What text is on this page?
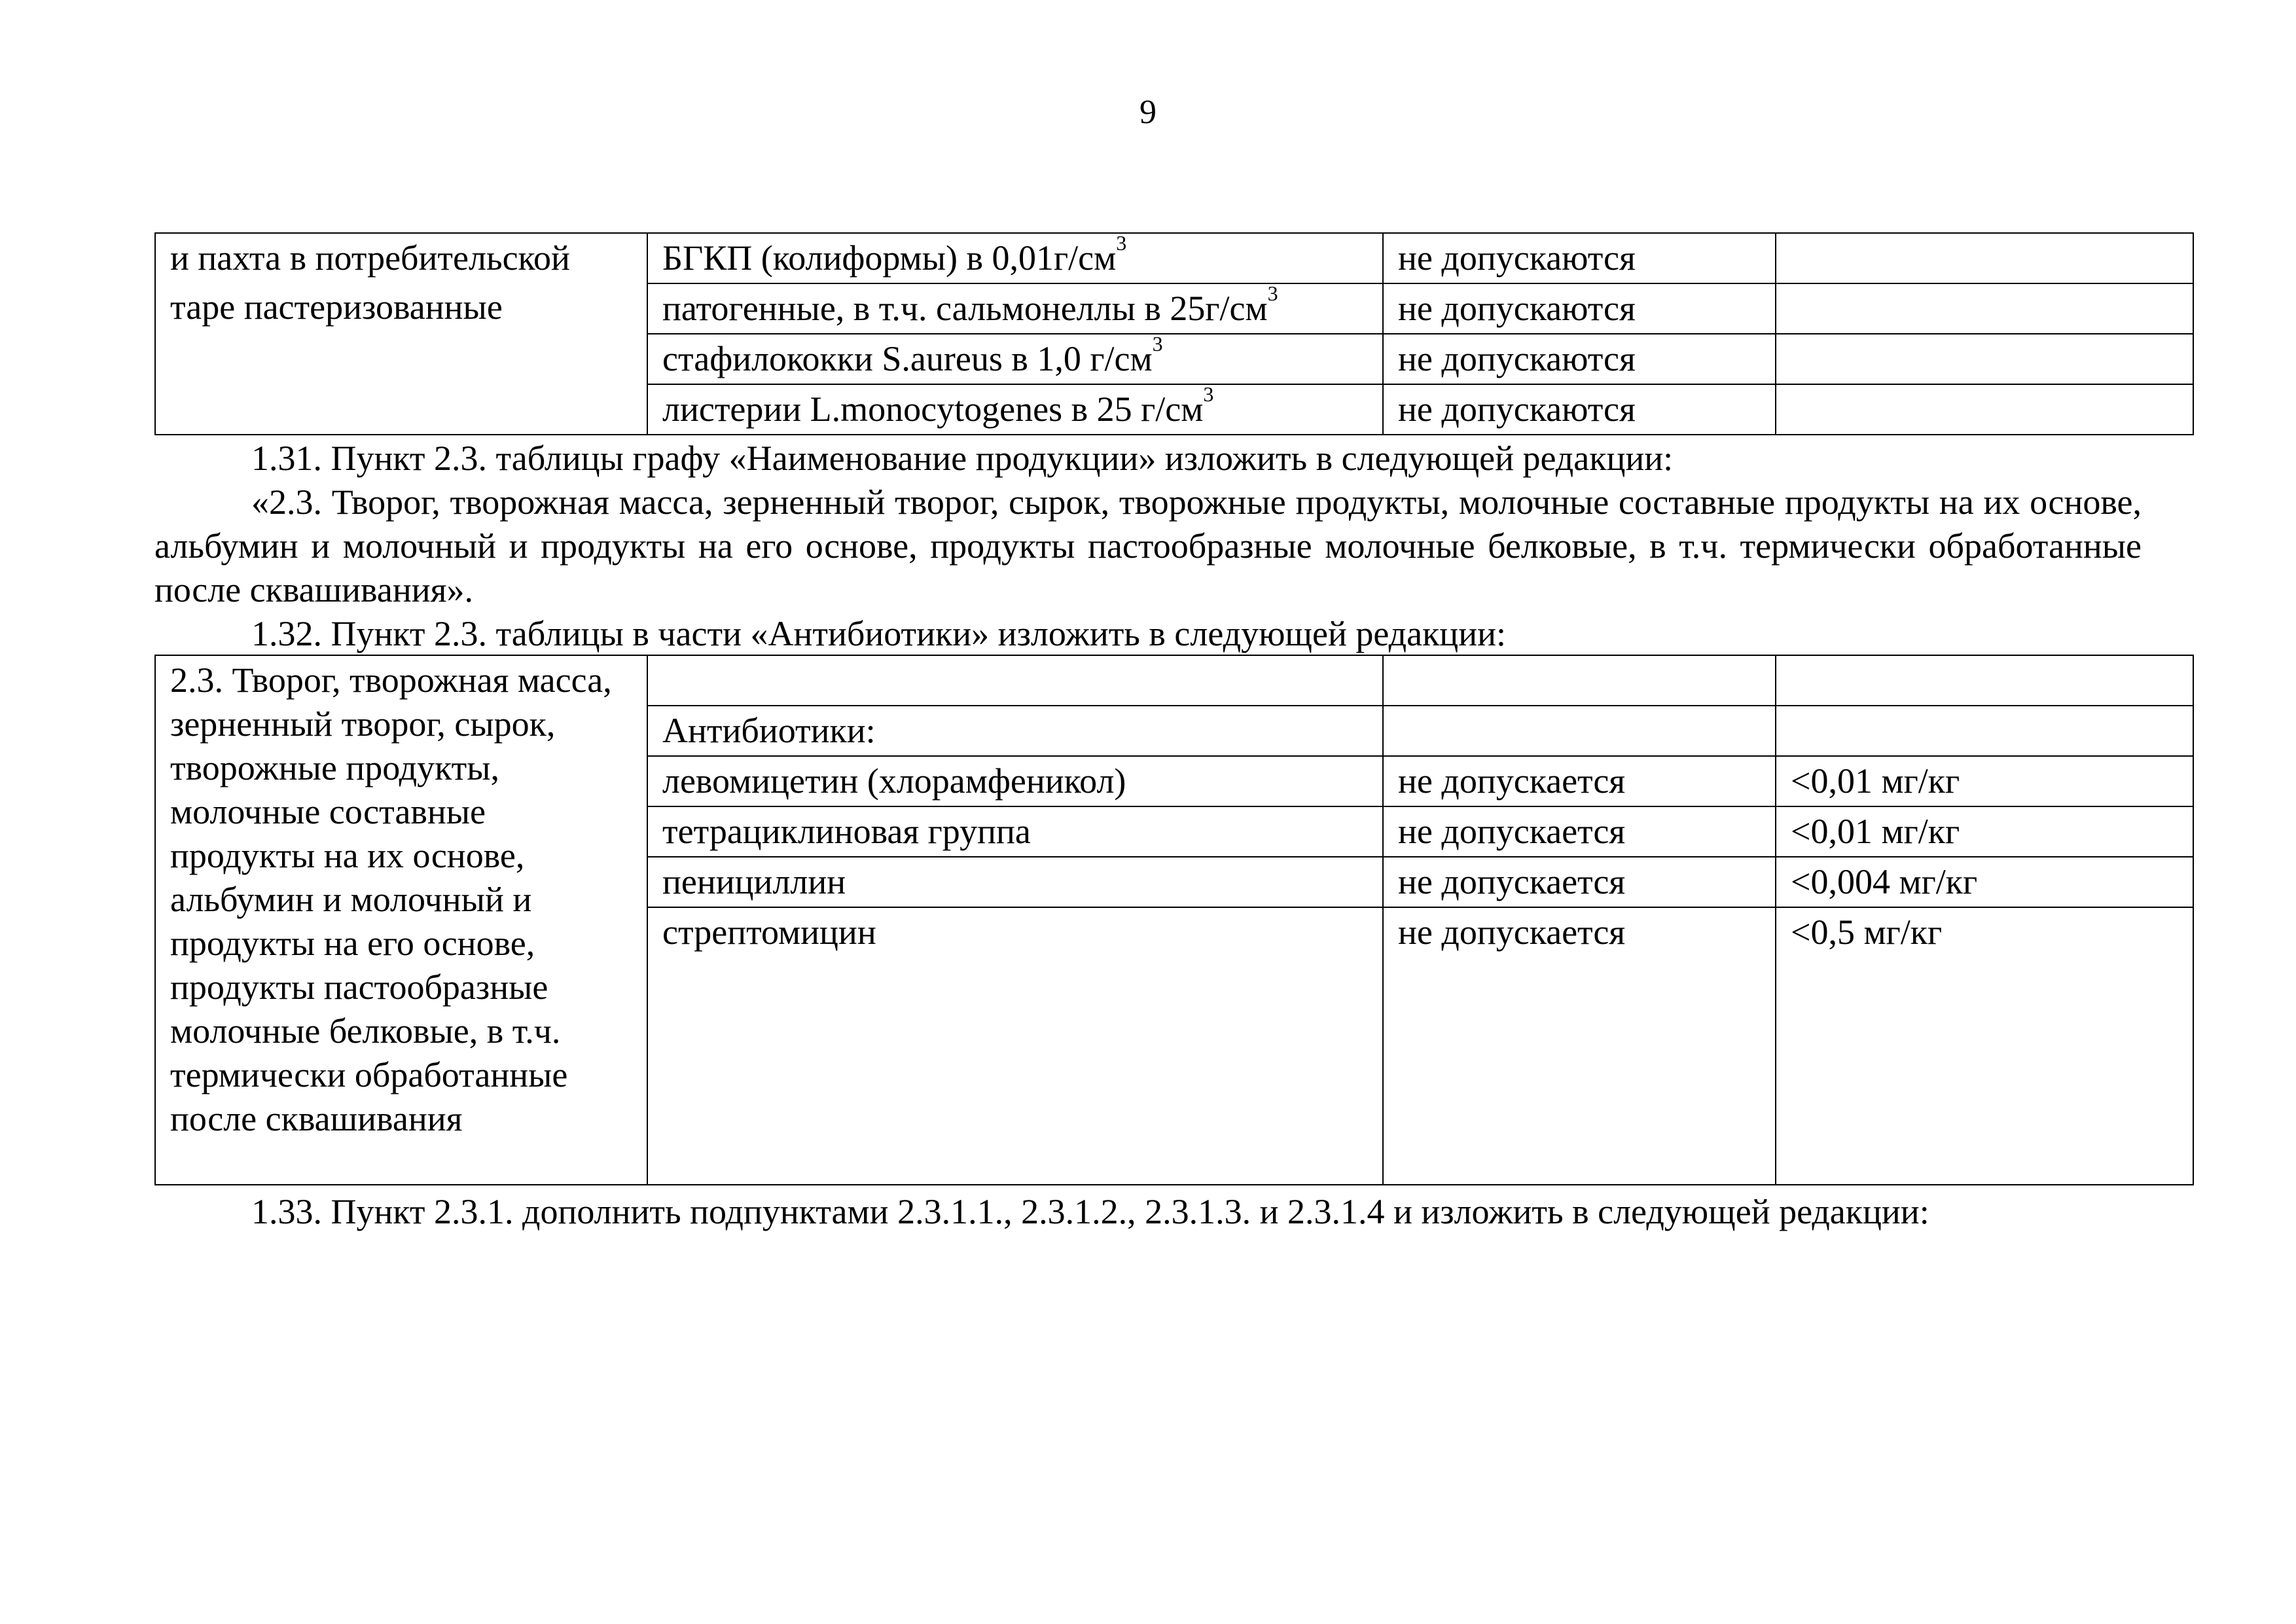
9
и пахта в потребительской таре пастеризованные	БГКП (колиформы) в $0,01г/см^3$	не допускаются	
	патогенные, в т.ч. сальмонеллы в $25г/см^3$	не допускаются	
	стафилококки S.aureus в 1,0 $г/см^3$	не допускаются	
	листерии L.monocytogenes в 25 $г/см^3$	не допускаются	
1.31. Пункт 2.3. таблицы графу «Наименование продукции» изложить в следующей редакции:
«2.3. Творог, творожная масса, зерненный творог, сырок, творожные продукты, молочные составные продукты на их основе, альбумин и молочный и продукты на его основе, продукты пастообразные молочные белковые, в т.ч. термически обработанные после сквашивания».
1.32. Пункт 2.3. таблицы в части «Антибиотики» изложить в следующей редакции:
2.3. Творог, творожная масса, зерненный творог, сырок, творожные продукты, молочные составные продукты на их основе, альбумин и молочный и продукты на его основе, продукты пастообразные молочные белковые, в т.ч. термически обработанные после сквашивания			
	Антибиотики:		
	левомицетин (хлорамфеникол)	не допускается	<0,01 мг/кг
	тетрациклиновая группа	не допускается	<0,01 мг/кг
	пенициллин	не допускается	<0,004 мг/кг
	стрептомицин	не допускается	<0,5 мг/кг
1.33. Пункт 2.3.1. дополнить подпунктами 2.3.1.1., 2.3.1.2., 2.3.1.3. и 2.3.1.4 и изложить в следующей редакции:
